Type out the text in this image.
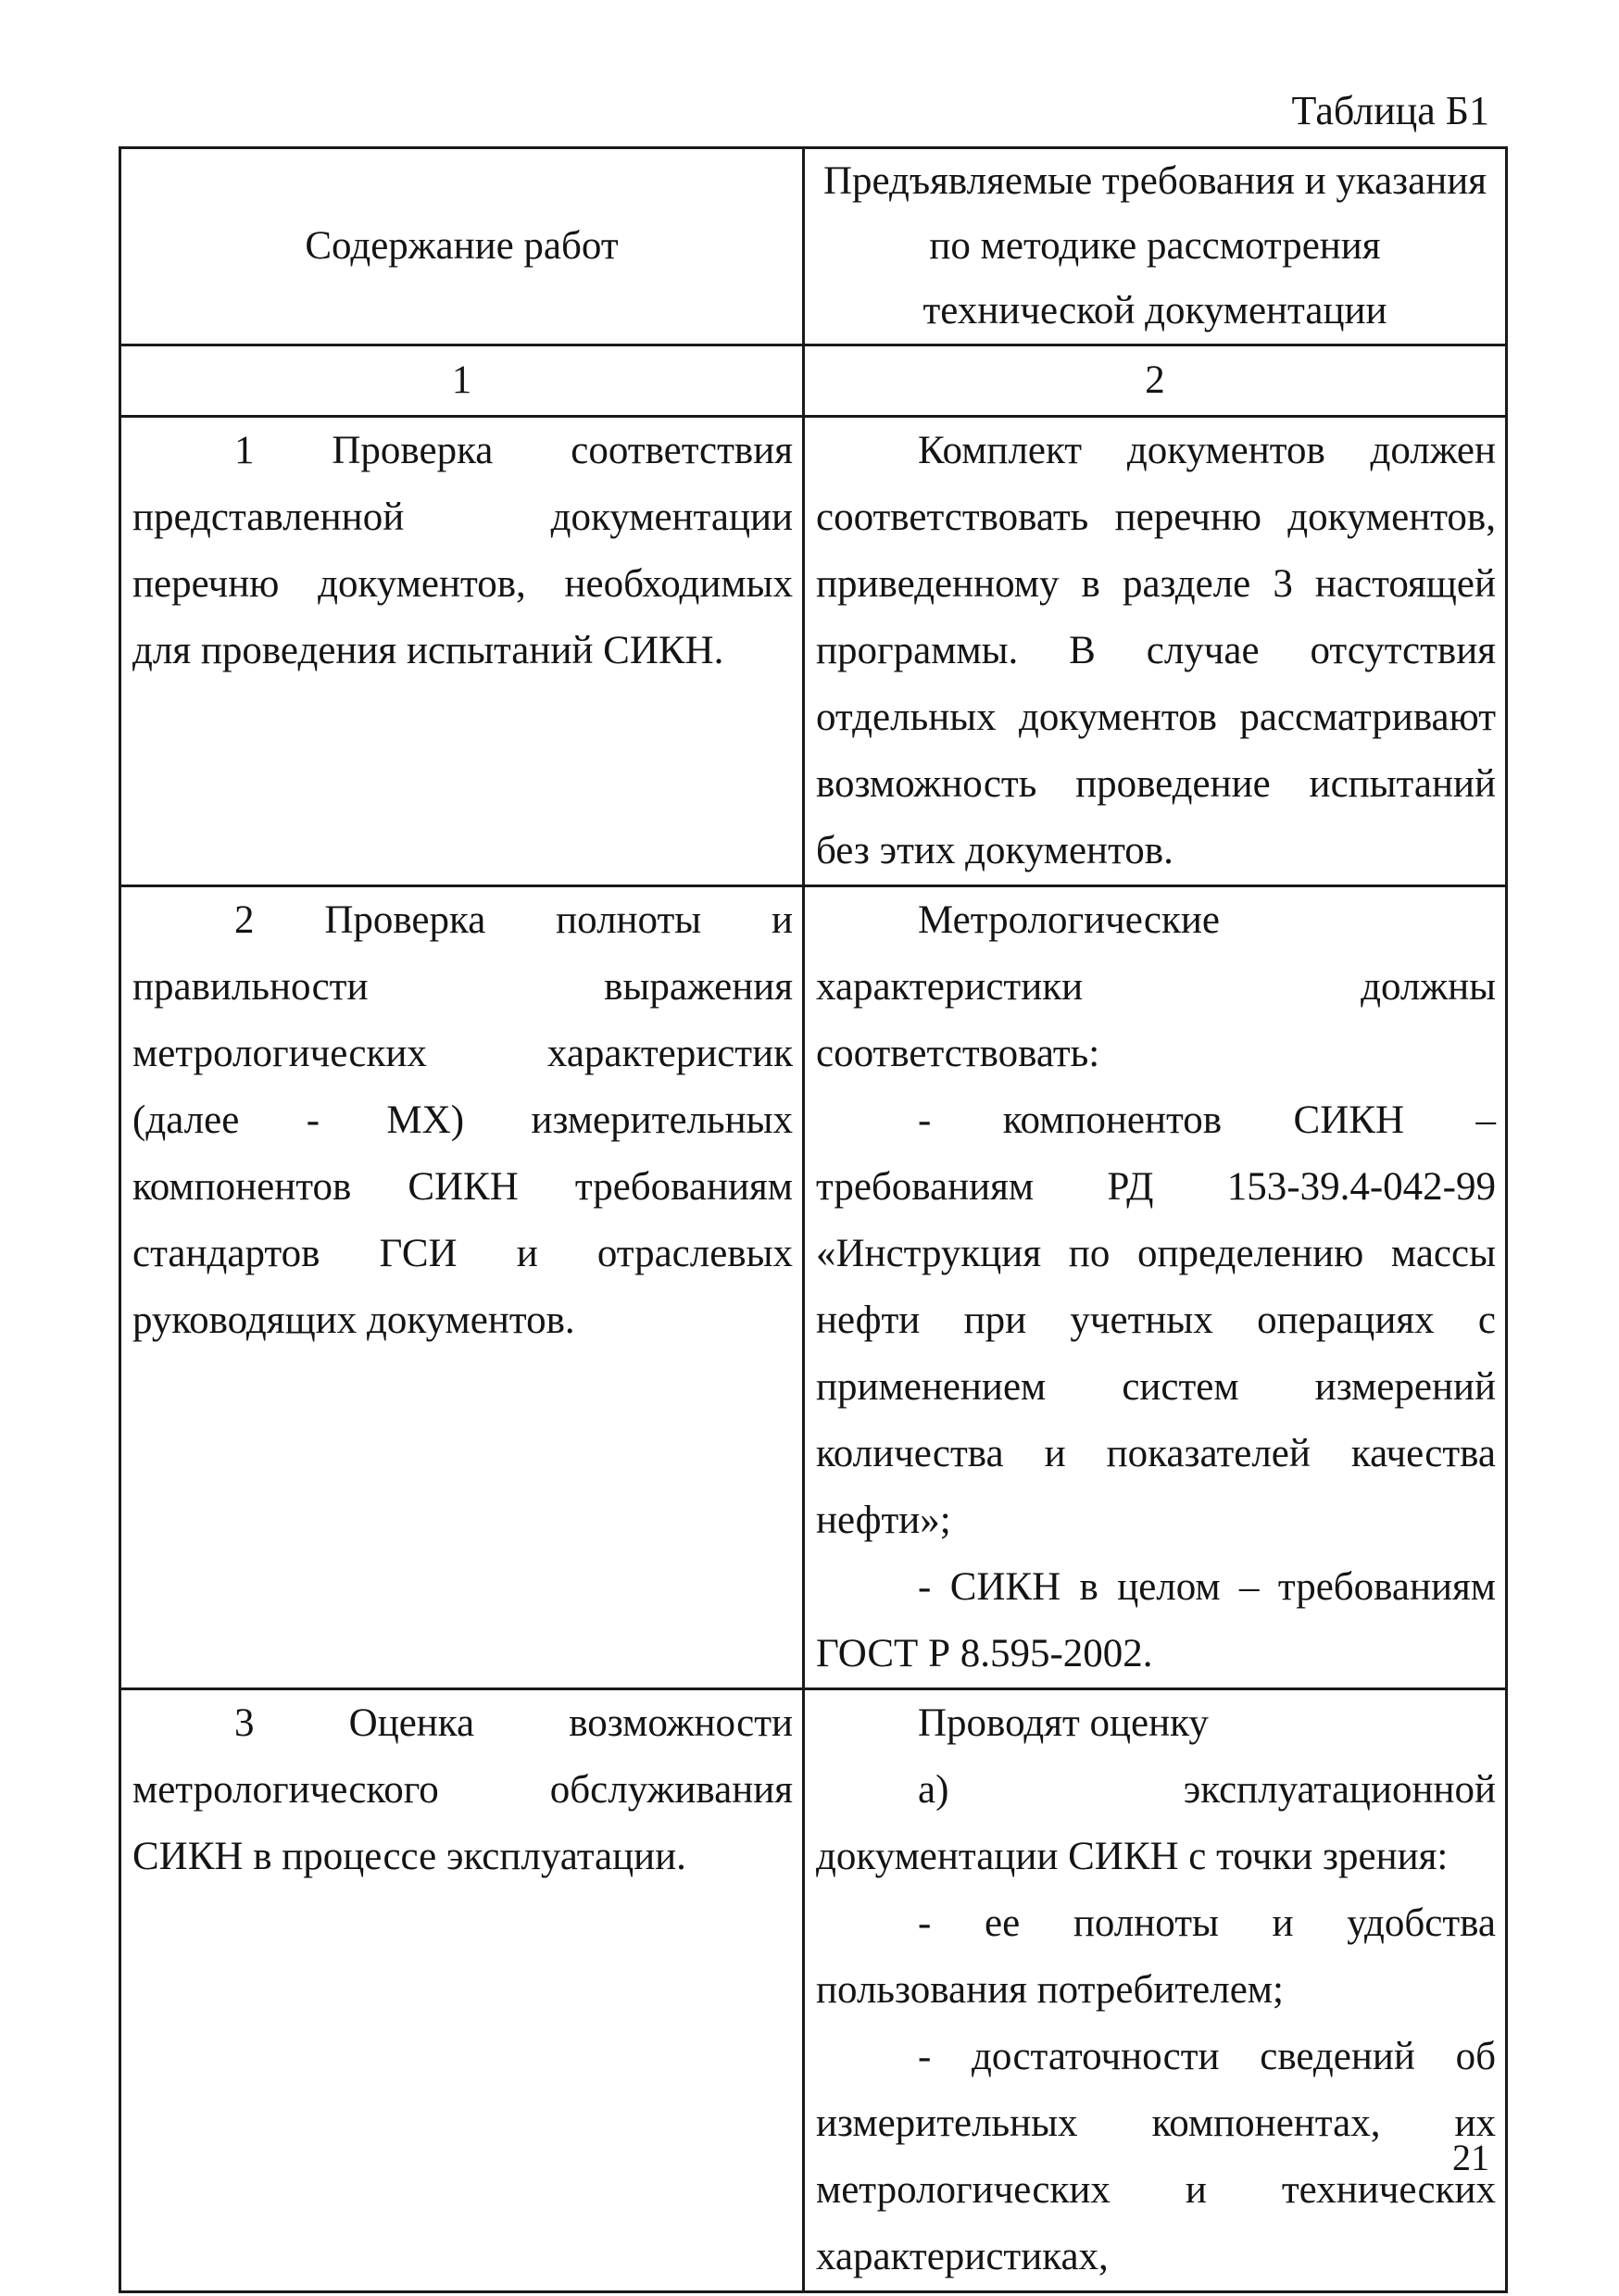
Таблица Б1
Содержание работ	Предъявляемые требования и указания по методике рассмотрения технической документации

1	2

1 Проверка соответствия представленной документации перечню документов, необходимых для проведения испытаний СИКН.	Комплект документов должен соответствовать перечню документов, приведенному в разделе 3 настоящей программы. В случае отсутствия отдельных документов рассматривают возможность проведение испытаний без этих документов.

2 Проверка полноты и правильности выражения метрологических характеристик (далее - МХ) измерительных компонентов СИКН требованиям стандартов ГСИ и отраслевых руководящих документов.	Метрологические характеристики должны соответствовать:

- компонентов СИКН – требованиям РД 153-39.4-042-99 «Инструкция по определению массы нефти при учетных операциях с применением систем измерений количества и показателей качества нефти»;

- СИКН в целом – требованиям ГОСТ Р 8.595-2002.

3 Оценка возможности метрологического обслуживания СИКН в процессе эксплуатации.	Проводят оценку

а) эксплуатационной документации СИКН с точки зрения:

- ее полноты и удобства пользования потребителем;

- достаточности сведений об измерительных компонентах, их метрологических и технических характеристиках,

21
